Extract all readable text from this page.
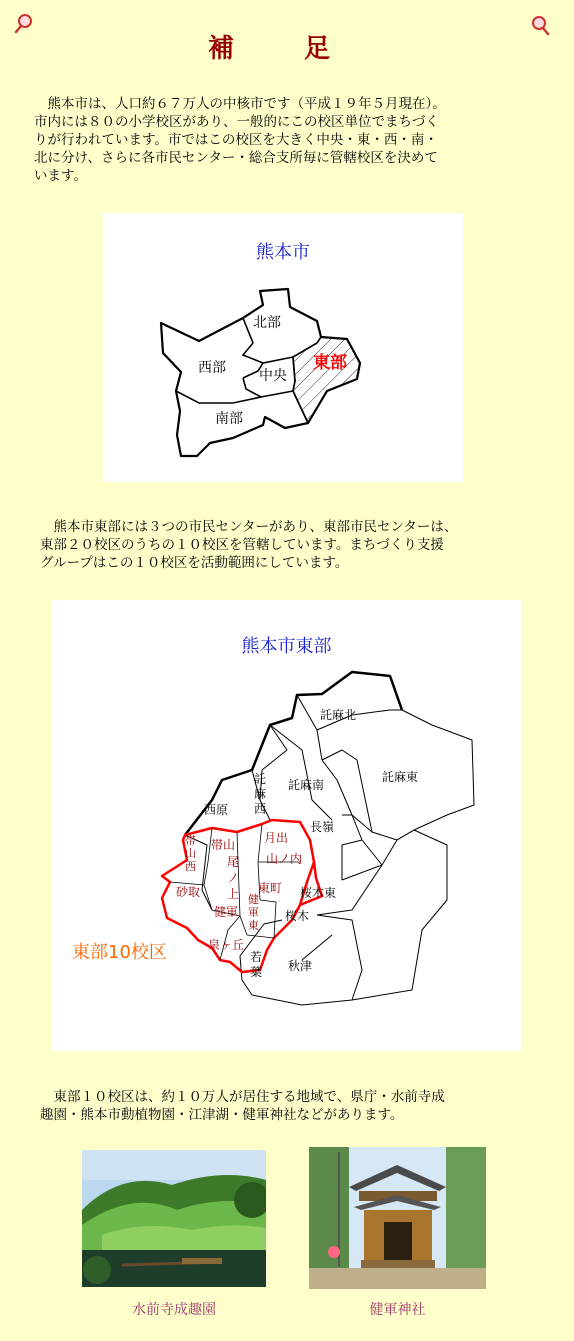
補　足

　熊本市は、人口約６７万人の中核市です（平成１９年５月現在）。

市内には８０の小学校区があり、一般的にこの校区単位でまちづく

りが行われています。市ではこの校区を大きく中央・東・西・南・

北に分け、さらに各市民センター・総合支所毎に管轄校区を決めて

います。

熊本市
北部
西部 中央
東部
南部

　熊本市東部には３つの市民センターがあり、東部市民センターは、

東部２０校区のうちの１０校区を管轄しています。まちづくり支援

グループはこの１０校区を活動範囲にしています。

熊本市東部
託麻北
託麻東
託麻南
託
麻
西
西原
長嶺
桜木東
桜木
秋津
若
葉
月出
山ノ内
帯山
帯
山
西	尾
ノ
上 東町
砂取
健軍
健
軍
東
泉ヶ丘
東部10校区

　東部１０校区は、約１０万人が居住する地域で、県庁・水前寺成

趣園・熊本市動植物園・江津湖・健軍神社などがあります。

水前寺成趣園	健軍神社
